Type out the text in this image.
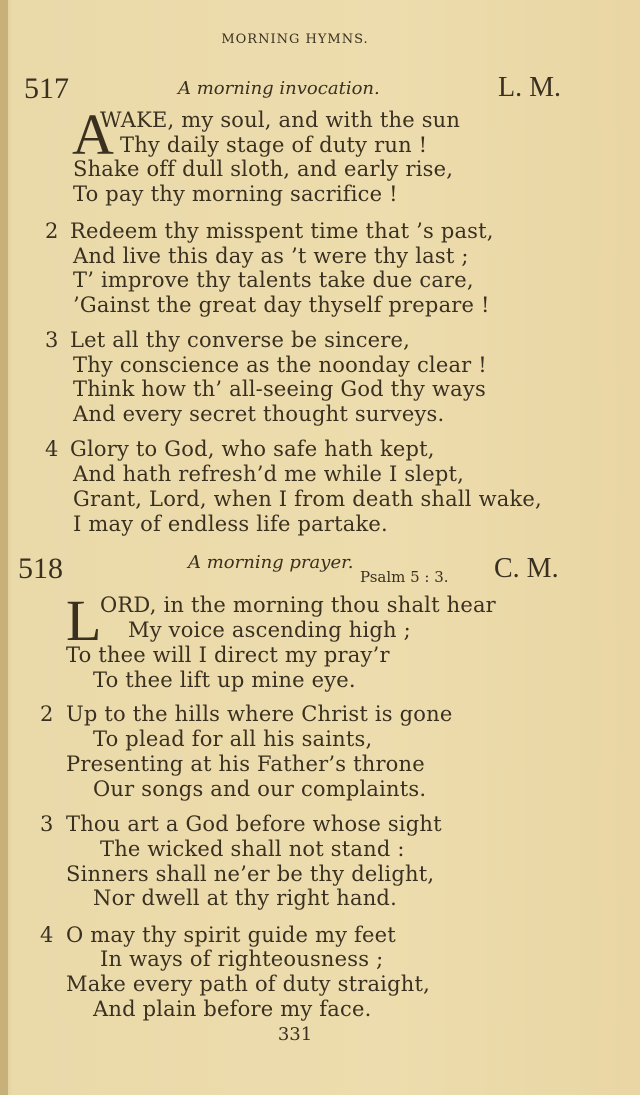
MORNING HYMNS.
517	A morning invocation.	L. M.
A
518	A morning prayer.
Psalm 5 : 3. C. M.
L
WAKE, my soul, and with the sun
Thy daily stage of duty run !
Shake off dull sloth, and early rise,
To pay thy morning sacrifice !
2 Redeem thy misspent time that ’s past,
And live this day as ’t were thy last ;
T’ improve thy talents take due care,
’Gainst the great day thyself prepare !
3 Let all thy converse be sincere,
Thy conscience as the noonday clear !
Think how th’ all-seeing God thy ways
And every secret thought surveys.
4 Glory to God, who safe hath kept,
And hath refresh’d me while I slept,
Grant, Lord, when I from death shall wake,
I may of endless life partake.
ORD, in the morning thou shalt hear
My voice ascending high ;
To thee will I direct my pray’r
To thee lift up mine eye.
2 Up to the hills where Christ is gone
To plead for all his saints,
Presenting at his Father’s throne
Our songs and our complaints.
3 Thou art a God before whose sight
The wicked shall not stand :
Sinners shall ne’er be thy delight,
Nor dwell at thy right hand.
4 O may thy spirit guide my feet
In ways of righteousness ;
Make every path of duty straight,
And plain before my face.
331
